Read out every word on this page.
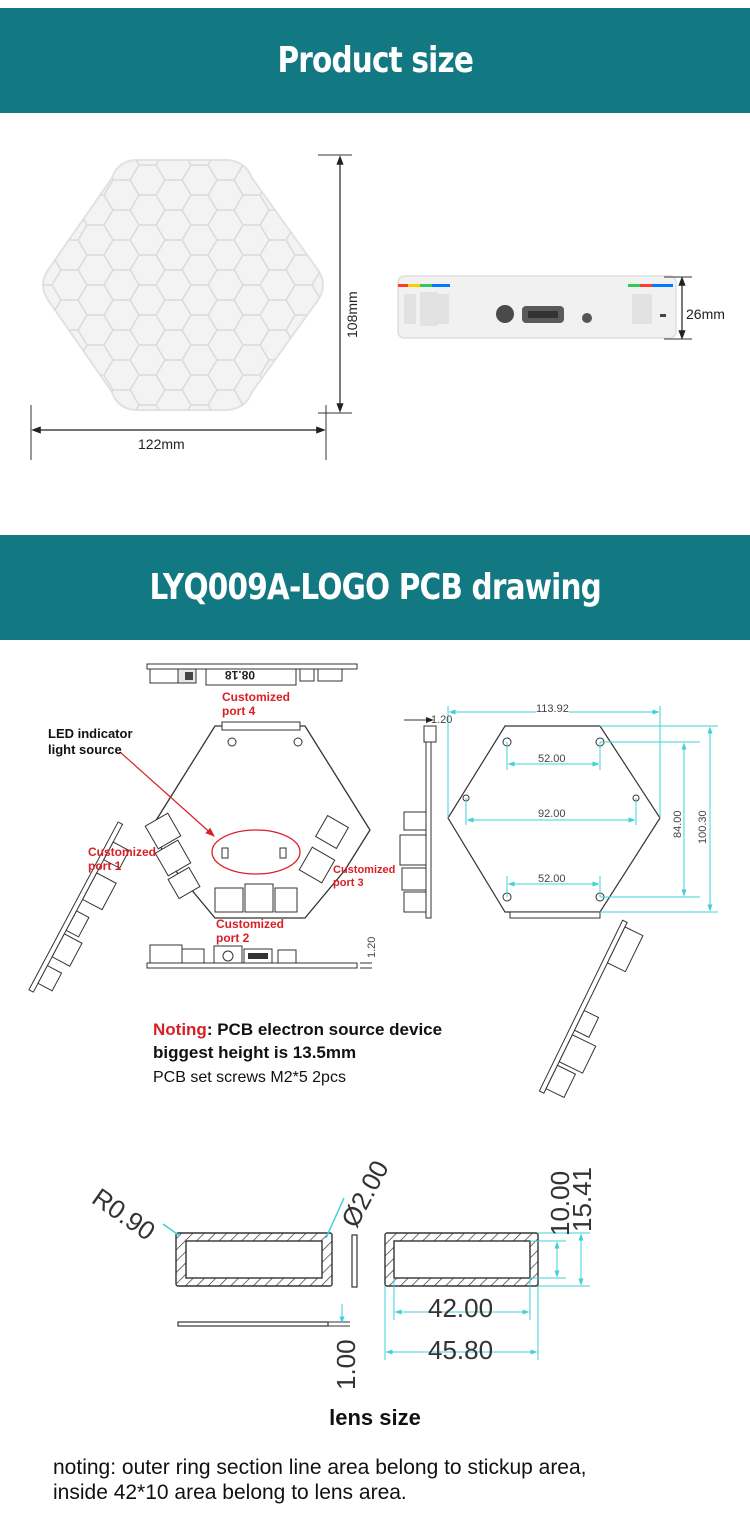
Product size
LYQ009A-LOGO PCB drawing
122mm
108mm	26mm
08.18
Customized
port 4
LED indicator
light source
Customized
port 1	Customized
port 3
Customized
port 2
1.20
1.20
113.92
52.00
92.00
52.00
84.00 100.30
Noting: PCB electron source device
biggest height is 13.5mm
PCB set screws M2*5 2pcs
R0.90	Ø2.00
1.00
10.00
15.41
42.00
45.80
lens size
noting: outer ring section line area belong to stickup area,
inside 42*10 area belong to lens area.
